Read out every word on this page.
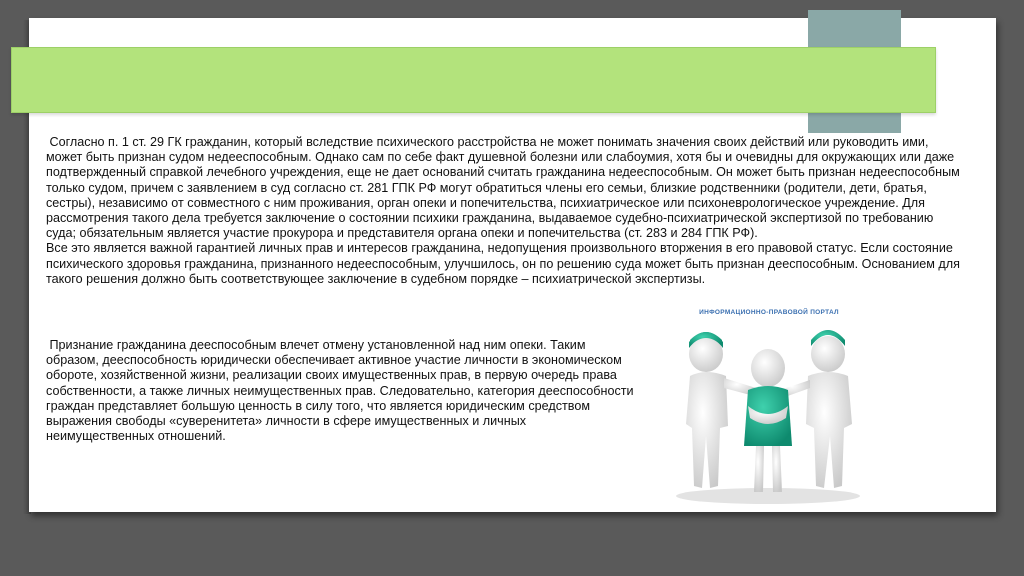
Согласно п. 1 ст. 29 ГК гражданин, который вследствие психического расстройства не может понимать значения своих действий или руководить ими, может быть признан судом недееспособным. Однако сам по себе факт душевной болезни или слабоумия, хотя бы и очевидны для окружающих или даже подтвержденный справкой лечебного учреждения, еще не дает оснований считать гражданина недееспособным. Он может быть признан недееспособным только судом, причем с заявлением в суд согласно ст. 281 ГПК РФ могут обратиться члены его семьи, близкие родственники (родители, дети, братья, сестры), независимо от совместного с ним проживания, орган опеки и попечительства, психиатрическое или психоневрологическое учреждение. Для рассмотрения такого дела требуется заключение о состоянии психики гражданина, выдаваемое судебно-психиатрической экспертизой по требованию суда; обязательным является участие прокурора и представителя органа опеки и попечительства (ст. 283 и 284 ГПК РФ).
Все это является важной гарантией личных прав и интересов гражданина, недопущения произвольного вторжения в его правовой статус. Если состояние психического здоровья гражданина, признанного недееспособным, улучшилось, он по решению суда может быть признан дееспособным. Основанием для такого решения должно быть соответствующее заключение в судебном порядке – психиатрической экспертизы.

Признание гражданина дееспособным влечет отмену установленной над ним опеки. Таким образом, дееспособность юридически обеспечивает активное участие личности в экономическом обороте, хозяйственной жизни, реализации своих имущественных прав, в первую очередь права собственности, а также личных неимущественных прав. Следовательно, категория дееспособности граждан представляет большую ценность в силу того, что является юридическим средством выражения свободы «суверенитета» личности в сфере имущественных и личных неимущественных отношений.

ИНФОРМАЦИОННО-ПРАВОВОЙ ПОРТАЛ
